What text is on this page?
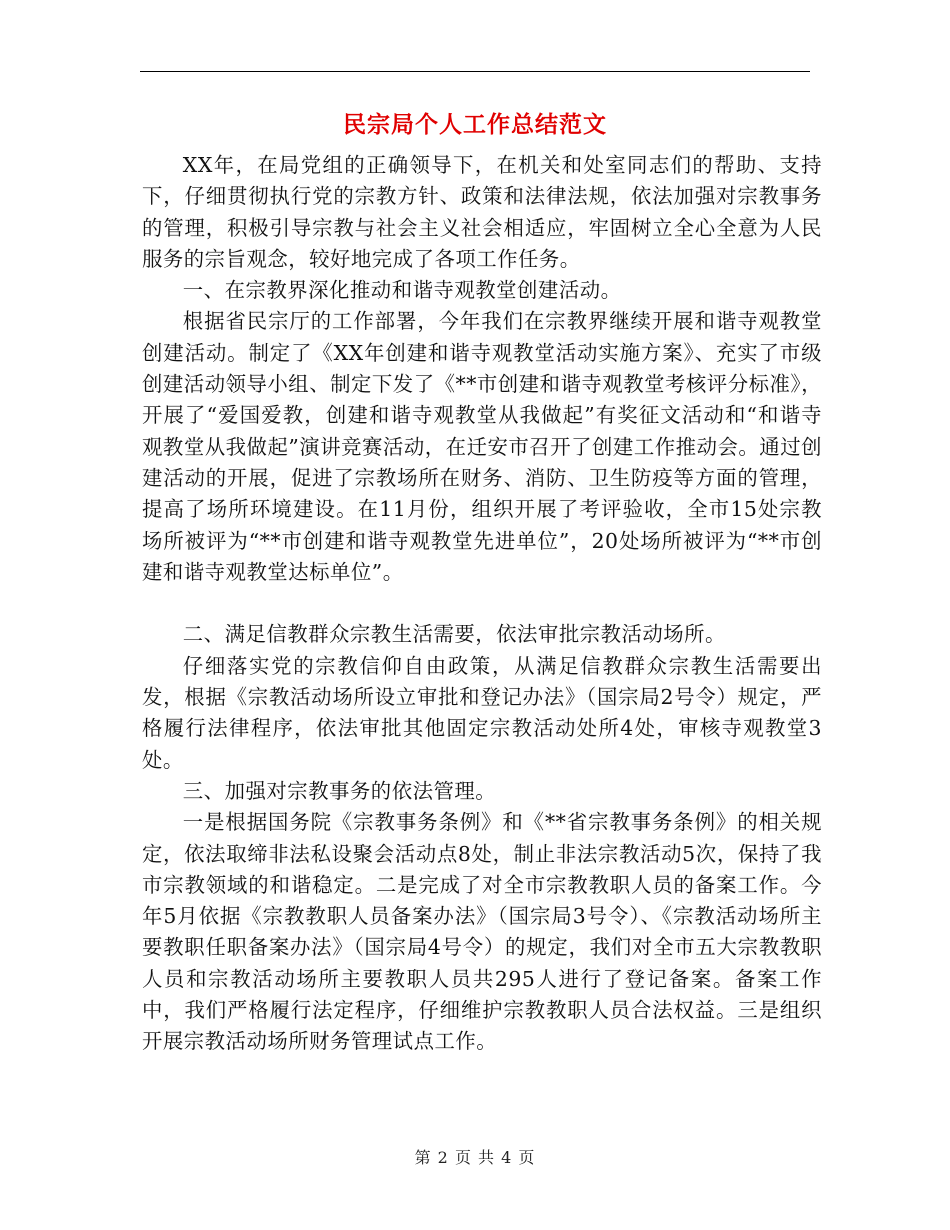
民宗局个人工作总结范文

XX年，在局党组的正确领导下，在机关和处室同志们的帮助、支持下，仔细贯彻执行党的宗教方针、政策和法律法规，依法加强对宗教事务的管理，积极引导宗教与社会主义社会相适应，牢固树立全心全意为人民服务的宗旨观念，较好地完成了各项工作任务。

一、在宗教界深化推动和谐寺观教堂创建活动。

根据省民宗厅的工作部署，今年我们在宗教界继续开展和谐寺观教堂创建活动。制定了《XX年创建和谐寺观教堂活动实施方案》、充实了市级创建活动领导小组、制定下发了《**市创建和谐寺观教堂考核评分标准》，开展了“爱国爱教，创建和谐寺观教堂从我做起”有奖征文活动和“和谐寺观教堂从我做起”演讲竞赛活动，在迁安市召开了创建工作推动会。通过创建活动的开展，促进了宗教场所在财务、消防、卫生防疫等方面的管理，提高了场所环境建设。在11月份，组织开展了考评验收，全市15处宗教场所被评为“**市创建和谐寺观教堂先进单位”，20处场所被评为“**市创建和谐寺观教堂达标单位”。

二、满足信教群众宗教生活需要，依法审批宗教活动场所。

仔细落实党的宗教信仰自由政策，从满足信教群众宗教生活需要出发，根据《宗教活动场所设立审批和登记办法》（国宗局2号令）规定，严格履行法律程序，依法审批其他固定宗教活动处所4处，审核寺观教堂3处。

三、加强对宗教事务的依法管理。

一是根据国务院《宗教事务条例》和《**省宗教事务条例》的相关规定，依法取缔非法私设聚会活动点8处，制止非法宗教活动5次，保持了我市宗教领域的和谐稳定。二是完成了对全市宗教教职人员的备案工作。今年5月依据《宗教教职人员备案办法》（国宗局3号令）、《宗教活动场所主要教职任职备案办法》（国宗局4号令）的规定，我们对全市五大宗教教职人员和宗教活动场所主要教职人员共295人进行了登记备案。备案工作中，我们严格履行法定程序，仔细维护宗教教职人员合法权益。三是组织开展宗教活动场所财务管理试点工作。

第 2 页 共 4 页
